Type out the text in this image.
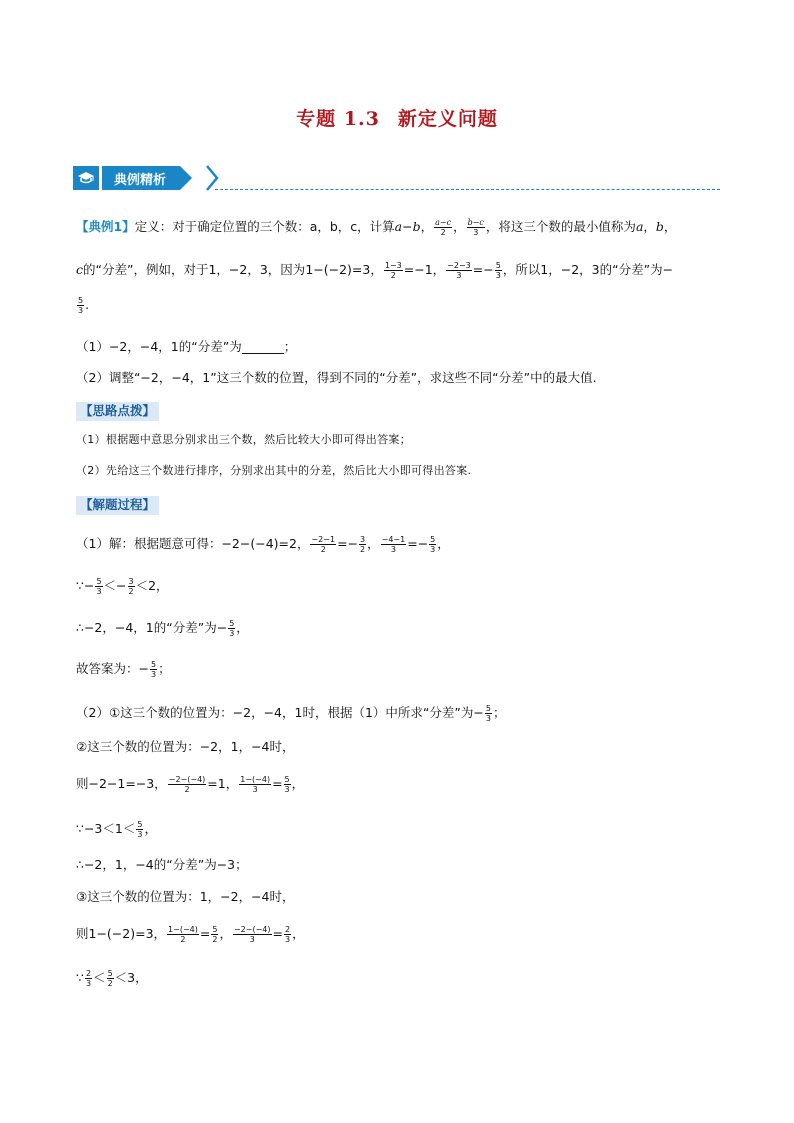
专题 1.3 新定义问题
典例精析
【典例1】定义：对于确定位置的三个数：a，b，c，计算a−b， $\frac{a-c}{2}$ ， $\frac{b-c}{3}$ ，将这三个数的最小值称为a，b，
c的“分差”，例如，对于1，−2，3，因为1−(−2)=3， $\frac{1-3}{2} =-1$， $\frac{-2-3}{3} =- \frac{5}{3}$ ，所以1，−2，3的“分差”为−
$\frac{5}{3}$ .
（1）−2，−4，1的“分差”为	；
（2）调整“−2，−4，1”这三个数的位置，得到不同的“分差”，求这些不同“分差”中的最大值.
【思路点拨】
（1）根据题中意思分别求出三个数，然后比较大小即可得出答案；
（2）先给这三个数进行排序，分别求出其中的分差，然后比大小即可得出答案.
【解题过程】
（1）解：根据题意可得：−2−(−4)=2， $\frac{-2-1}{2} =- \frac{3}{2}$ ， $\frac{-4-1}{3} =- \frac{5}{3}$ ，
∵− $\frac{5}{3} <- \frac{3}{2} <2$，
∴−2，−4，1的“分差”为− $\frac{5}{3}$ ，
故答案为：− $\frac{5}{3}$ ；
（2）①这三个数的位置为：−2，−4，1时，根据（1）中所求“分差”为− $\frac{5}{3}$ ；
②这三个数的位置为：−2，1，−4时，
则−2−1=−3， $\frac{-2-(-4)}{2} =1$， $\frac{1-(-4)}{3} = \frac{5}{3}$ ，
∵−3＜1＜ $\frac{5}{3}$ ，
∴−2，1，−4的“分差”为−3；
③这三个数的位置为：1，−2，−4时，
则1−(−2)=3， $\frac{1-(-4)}{2} = \frac{5}{2}$ ， $\frac{-2-(-4)}{3} = \frac{2}{3}$ ，
∵ $\frac{2}{3} < \frac{5}{2} <3$，
